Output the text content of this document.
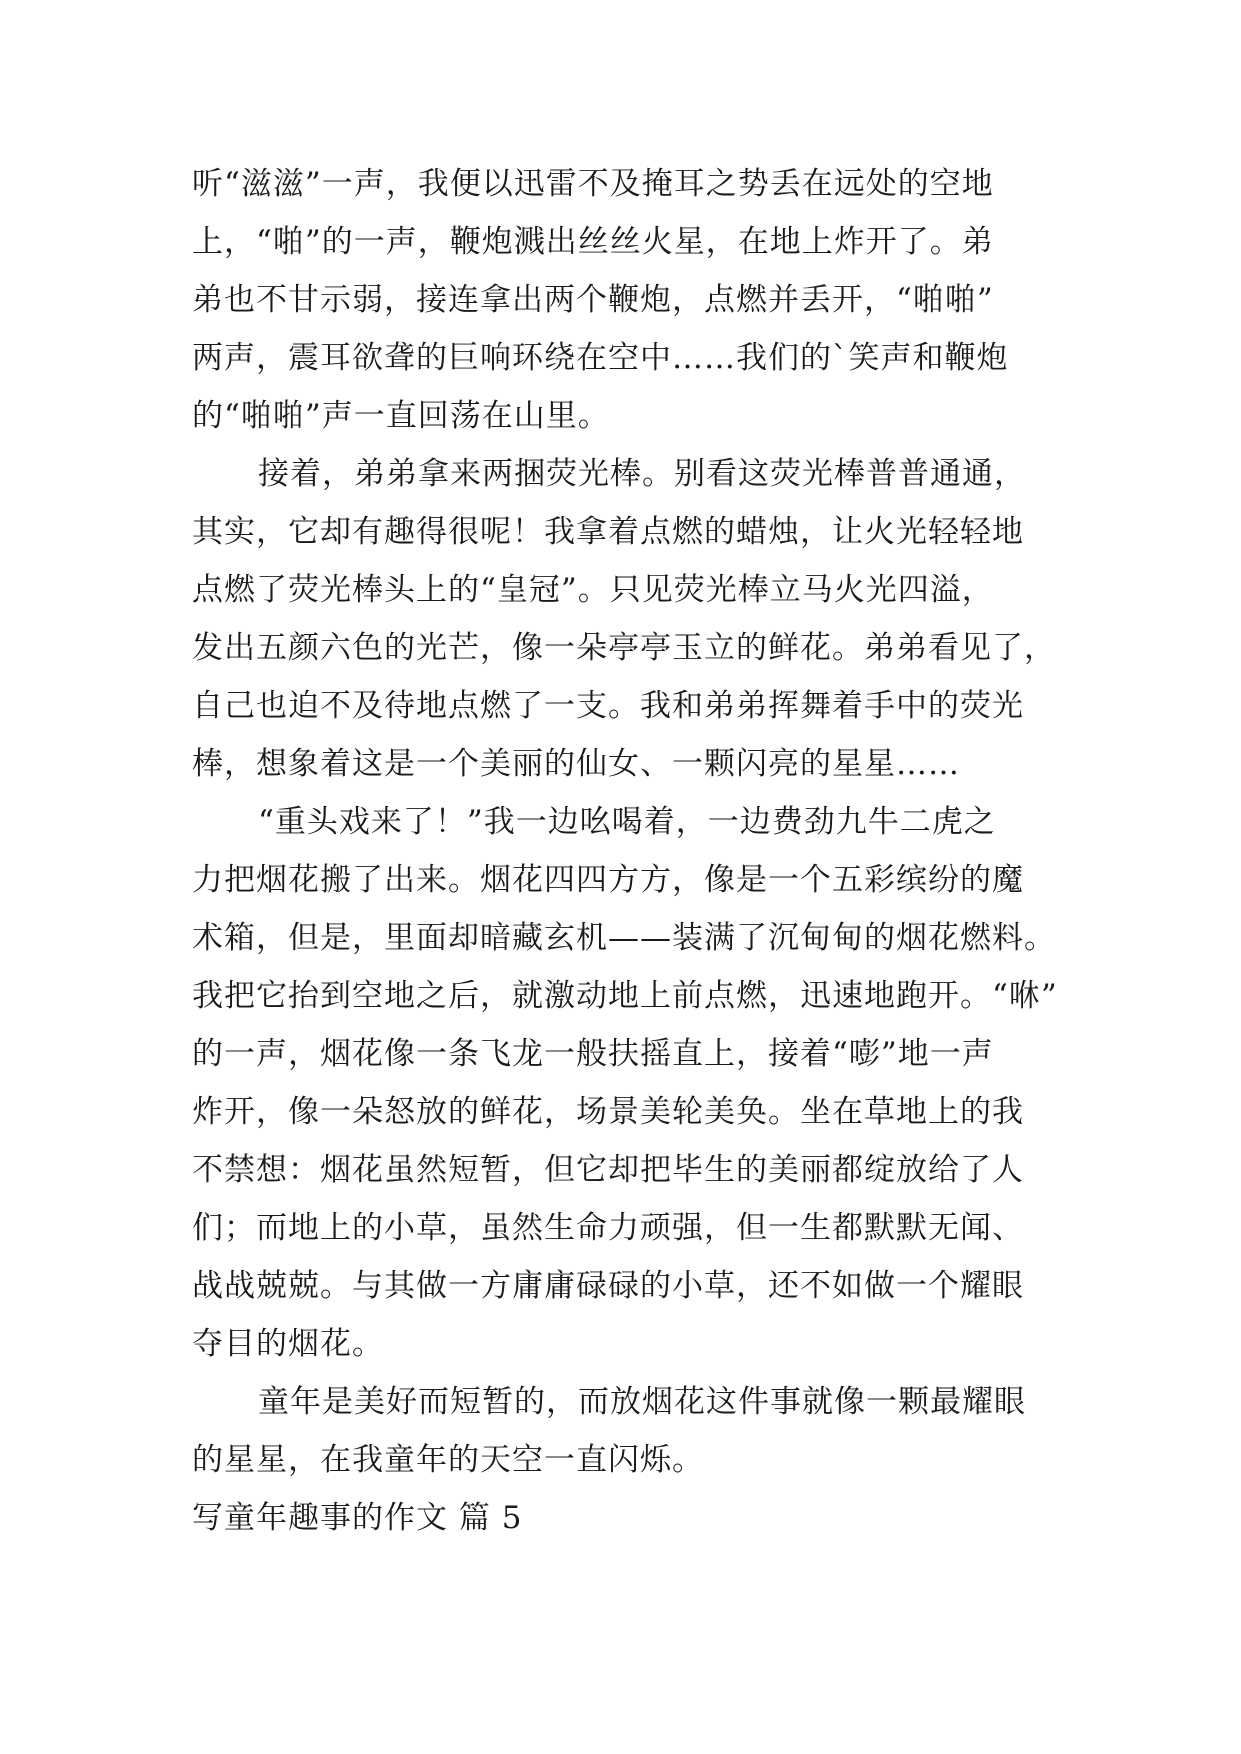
听“滋滋”一声，我便以迅雷不及掩耳之势丢在远处的空地
上，“啪”的一声，鞭炮溅出丝丝火星，在地上炸开了。弟
弟也不甘示弱，接连拿出两个鞭炮，点燃并丢开，“啪啪”
两声，震耳欲聋的巨响环绕在空中……我们的`笑声和鞭炮
的“啪啪”声一直回荡在山里。
接着，弟弟拿来两捆荧光棒。别看这荧光棒普普通通，
其实，它却有趣得很呢！我拿着点燃的蜡烛，让火光轻轻地
点燃了荧光棒头上的“皇冠”。只见荧光棒立马火光四溢，
发出五颜六色的光芒，像一朵亭亭玉立的鲜花。弟弟看见了，
自己也迫不及待地点燃了一支。我和弟弟挥舞着手中的荧光
棒，想象着这是一个美丽的仙女、一颗闪亮的星星……
“重头戏来了！”我一边吆喝着，一边费劲九牛二虎之
力把烟花搬了出来。烟花四四方方，像是一个五彩缤纷的魔
术箱，但是，里面却暗藏玄机——装满了沉甸甸的烟花燃料。
我把它抬到空地之后，就激动地上前点燃，迅速地跑开。“咻”
的一声，烟花像一条飞龙一般扶摇直上，接着“嘭”地一声
炸开，像一朵怒放的鲜花，场景美轮美奂。坐在草地上的我
不禁想：烟花虽然短暂，但它却把毕生的美丽都绽放给了人
们；而地上的小草，虽然生命力顽强，但一生都默默无闻、
战战兢兢。与其做一方庸庸碌碌的小草，还不如做一个耀眼
夺目的烟花。
童年是美好而短暂的，而放烟花这件事就像一颗最耀眼
的星星，在我童年的天空一直闪烁。
写童年趣事的作文 篇 5
